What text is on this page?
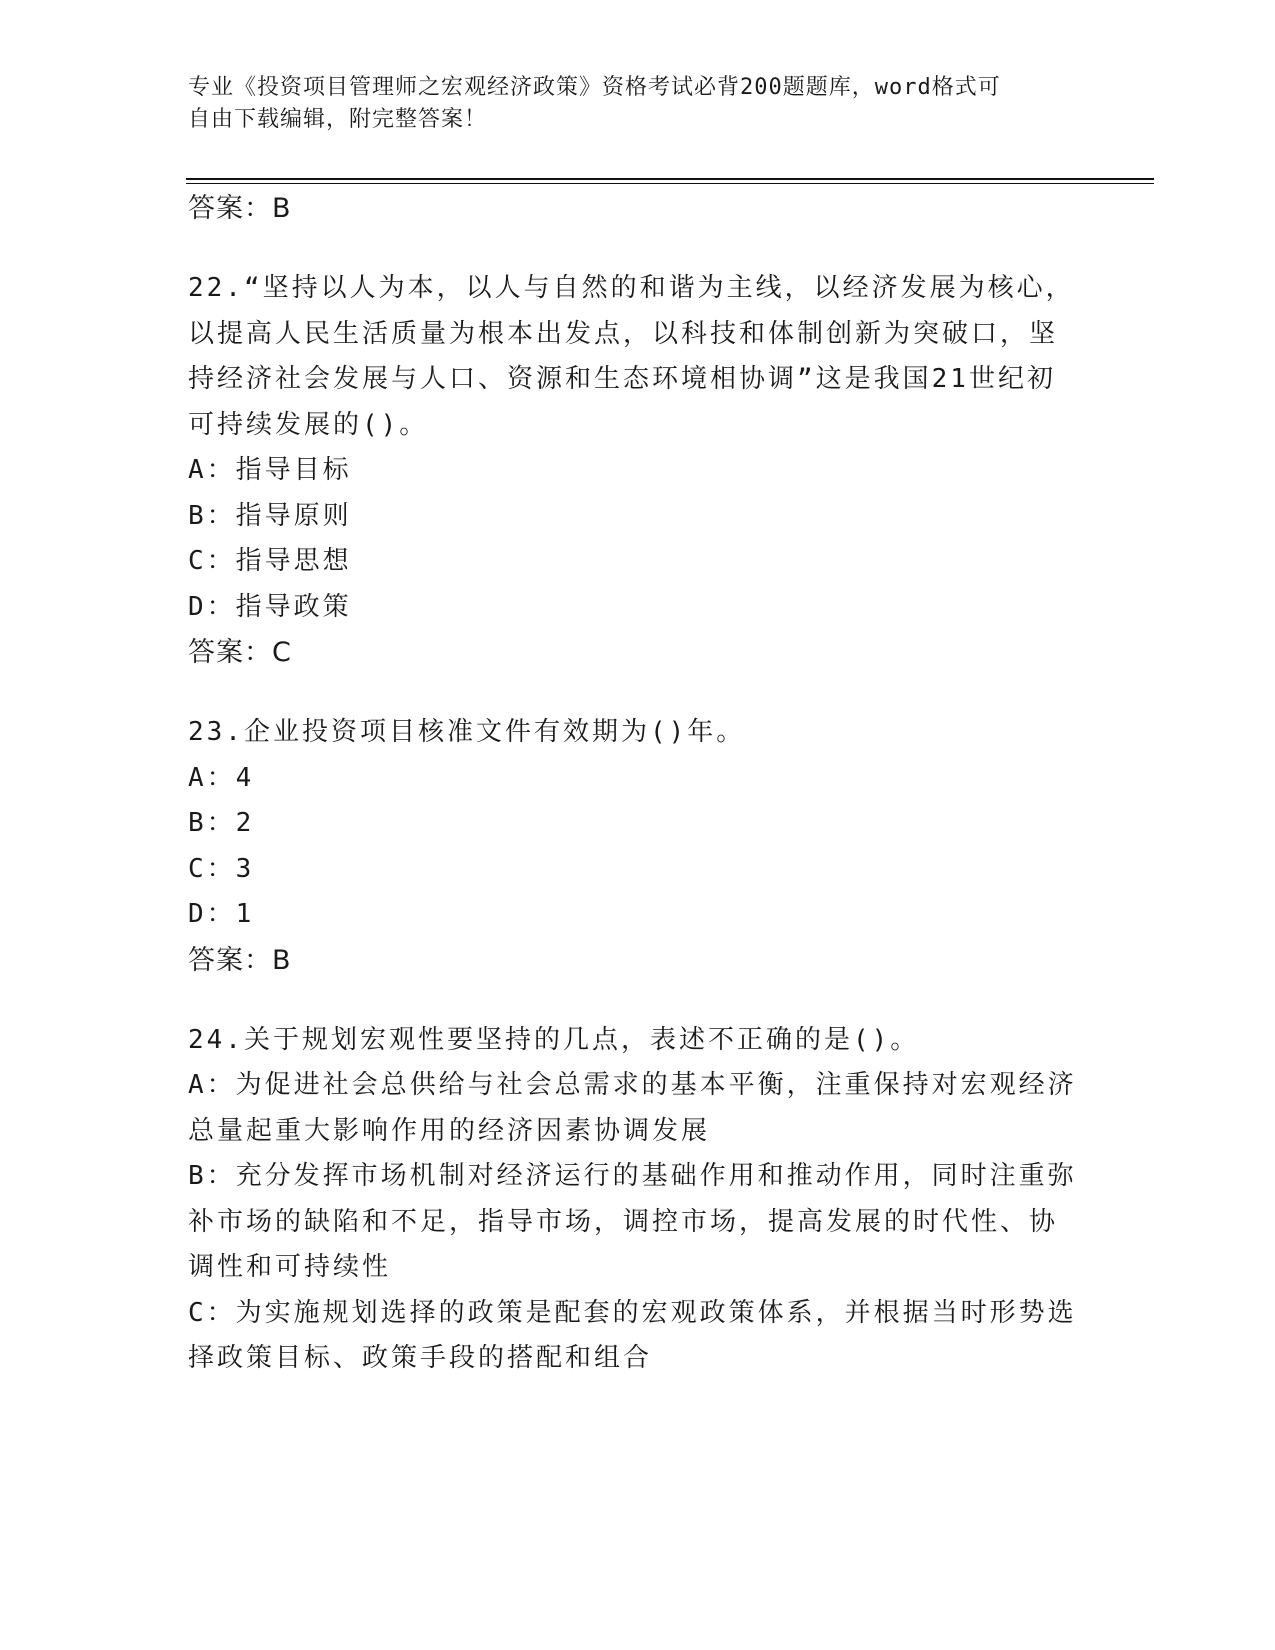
专业《投资项目管理师之宏观经济政策》资格考试必背200题题库，word格式可
自由下载编辑，附完整答案！
答案：B
22.“坚持以人为本，以人与自然的和谐为主线，以经济发展为核心，
以提高人民生活质量为根本出发点，以科技和体制创新为突破口，坚
持经济社会发展与人口、资源和生态环境相协调”这是我国21世纪初
可持续发展的()。
A：指导目标
B：指导原则
C：指导思想
D：指导政策
答案：C
23.企业投资项目核准文件有效期为()年。
A：4
B：2
C：3
D：1
答案：B
24.关于规划宏观性要坚持的几点，表述不正确的是()。
A：为促进社会总供给与社会总需求的基本平衡，注重保持对宏观经济
总量起重大影响作用的经济因素协调发展
B：充分发挥市场机制对经济运行的基础作用和推动作用，同时注重弥
补市场的缺陷和不足，指导市场，调控市场，提高发展的时代性、协
调性和可持续性
C：为实施规划选择的政策是配套的宏观政策体系，并根据当时形势选
择政策目标、政策手段的搭配和组合
